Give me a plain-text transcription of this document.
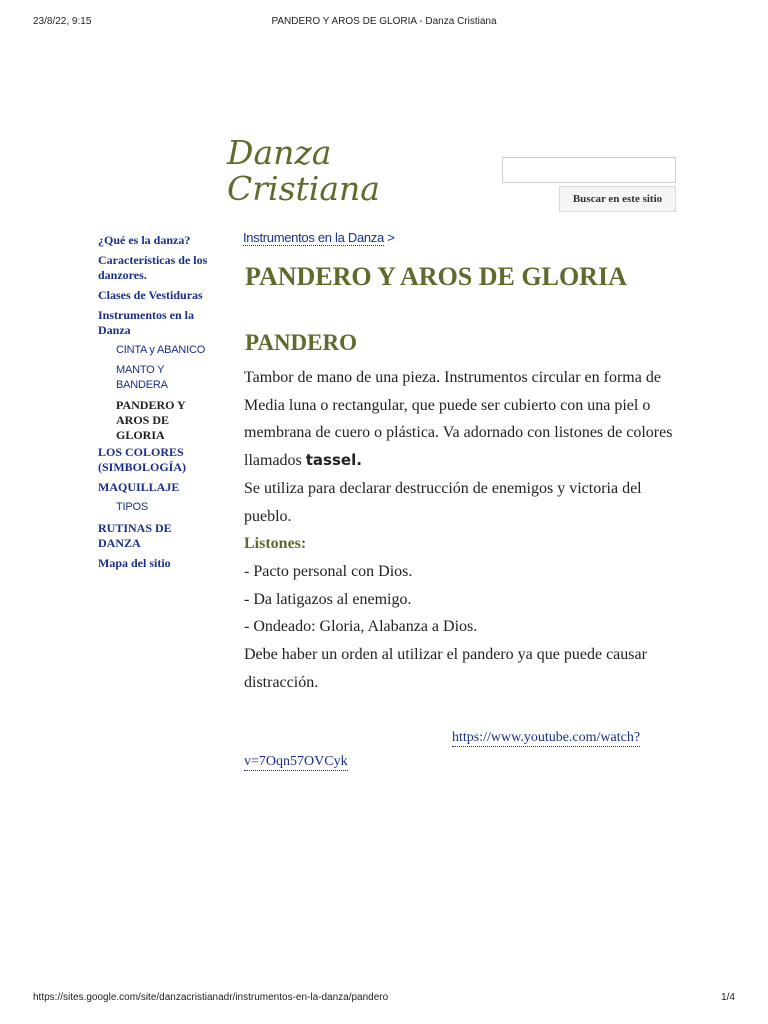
23/8/22, 9:15	PANDERO Y AROS DE GLORIA - Danza Cristiana
Danza Cristiana	Buscar en este sitio
¿Qué es la danza?
Características de los danzores.
Clases de Vestiduras
Instrumentos en la Danza
CINTA y ABANICO
MANTO Y BANDERA
PANDERO Y AROS DE GLORIA
LOS COLORES (SIMBOLOGÍA)
MAQUILLAJE
TIPOS
RUTINAS DE DANZA
Mapa del sitio
Instrumentos en la Danza >
PANDERO Y AROS DE GLORIA
PANDERO

Tambor de mano de una pieza. Instrumentos circular en forma de Media luna o rectangular, que puede ser cubierto con una piel o membrana de cuero o plástica. Va adornado con listones de colores llamados tassel.

Se utiliza para declarar destrucción de enemigos y victoria del pueblo.

Listones:

- Pacto personal con Dios.

- Da latigazos al enemigo.

- Ondeado: Gloria, Alabanza a Dios.

Debe haber un orden al utilizar el pandero ya que puede causar distracción.

https://www.youtube.com/watch?
v=7Oqn57OVCyk
https://sites.google.com/site/danzacristianadr/instrumentos-en-la-danza/pandero	1/4
